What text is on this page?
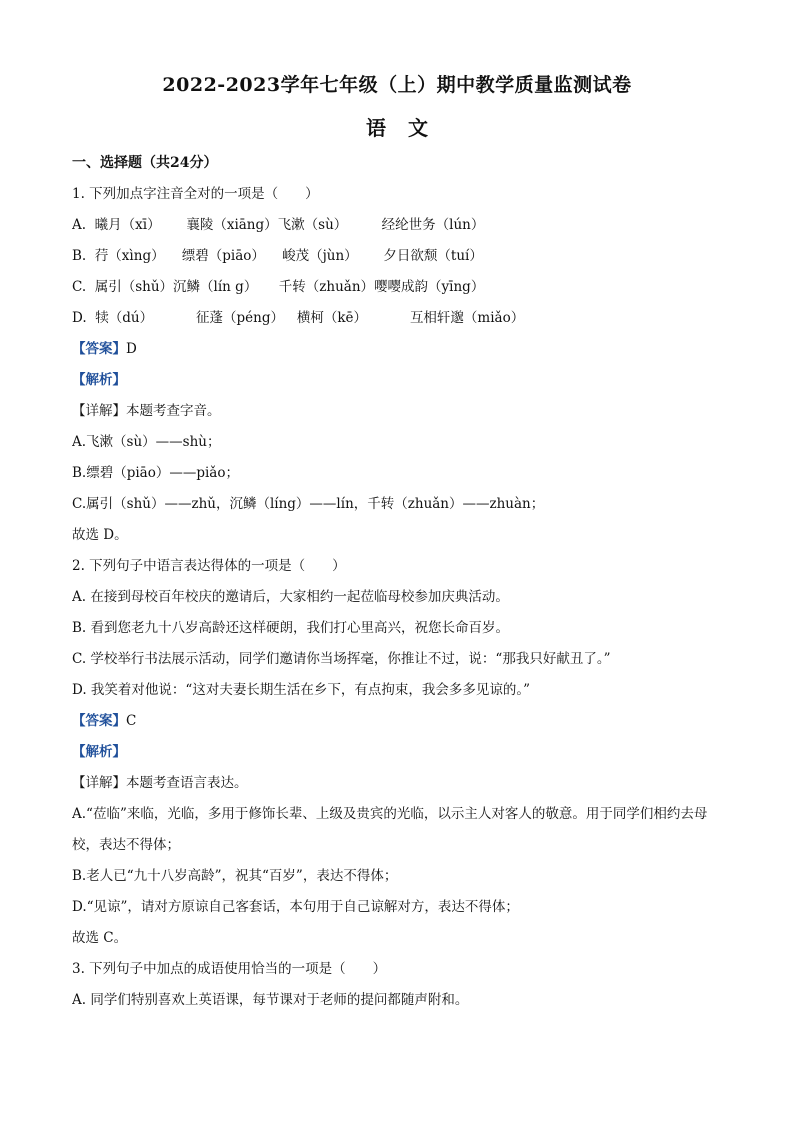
2022-2023学年七年级（上）期中教学质量监测试卷
语文
一、选择题（共24分）
1. 下列加点字注音全对的一项是（　　）
A. 曦月（xī） 襄陵（xiāng）飞漱（sù）	经纶世务（lún）
B. 荇（xìng） 缥碧（piāo） 峻茂（jùn） 夕日欲颓（tuí）
C. 属引（shǔ）沉鳞（lín g） 千转（zhuǎn）嘤嘤成韵（yīng）
D. 犊（dú）	征蓬（péng） 横柯（kē）	互相轩邈（miǎo）
【答案】D
【解析】
【详解】本题考查字音。
A.飞漱（sù）——shù；
B.缥碧（piāo）——piǎo；
C.属引（shǔ）——zhǔ，沉鳞（líng）——lín，千转（zhuǎn）——zhuàn；
故选 D。
2. 下列句子中语言表达得体的一项是（　　）
A. 在接到母校百年校庆的邀请后，大家相约一起莅临母校参加庆典活动。
B. 看到您老九十八岁高龄还这样硬朗，我们打心里高兴，祝您长命百岁。
C. 学校举行书法展示活动，同学们邀请你当场挥毫，你推让不过，说：“那我只好献丑了。”
D. 我笑着对他说：“这对夫妻长期生活在乡下，有点拘束，我会多多见谅的。”
【答案】C
【解析】
【详解】本题考查语言表达。
A.“莅临”来临，光临，多用于修饰长辈、上级及贵宾的光临，以示主人对客人的敬意。用于同学们相约去母校，表达不得体；
B.老人已“九十八岁高龄”，祝其“百岁”，表达不得体；
D.“见谅”，请对方原谅自己客套话，本句用于自己谅解对方，表达不得体；
故选 C。
3. 下列句子中加点的成语使用恰当的一项是（　　）
A. 同学们特别喜欢上英语课，每节课对于老师的提问都随声附和。
